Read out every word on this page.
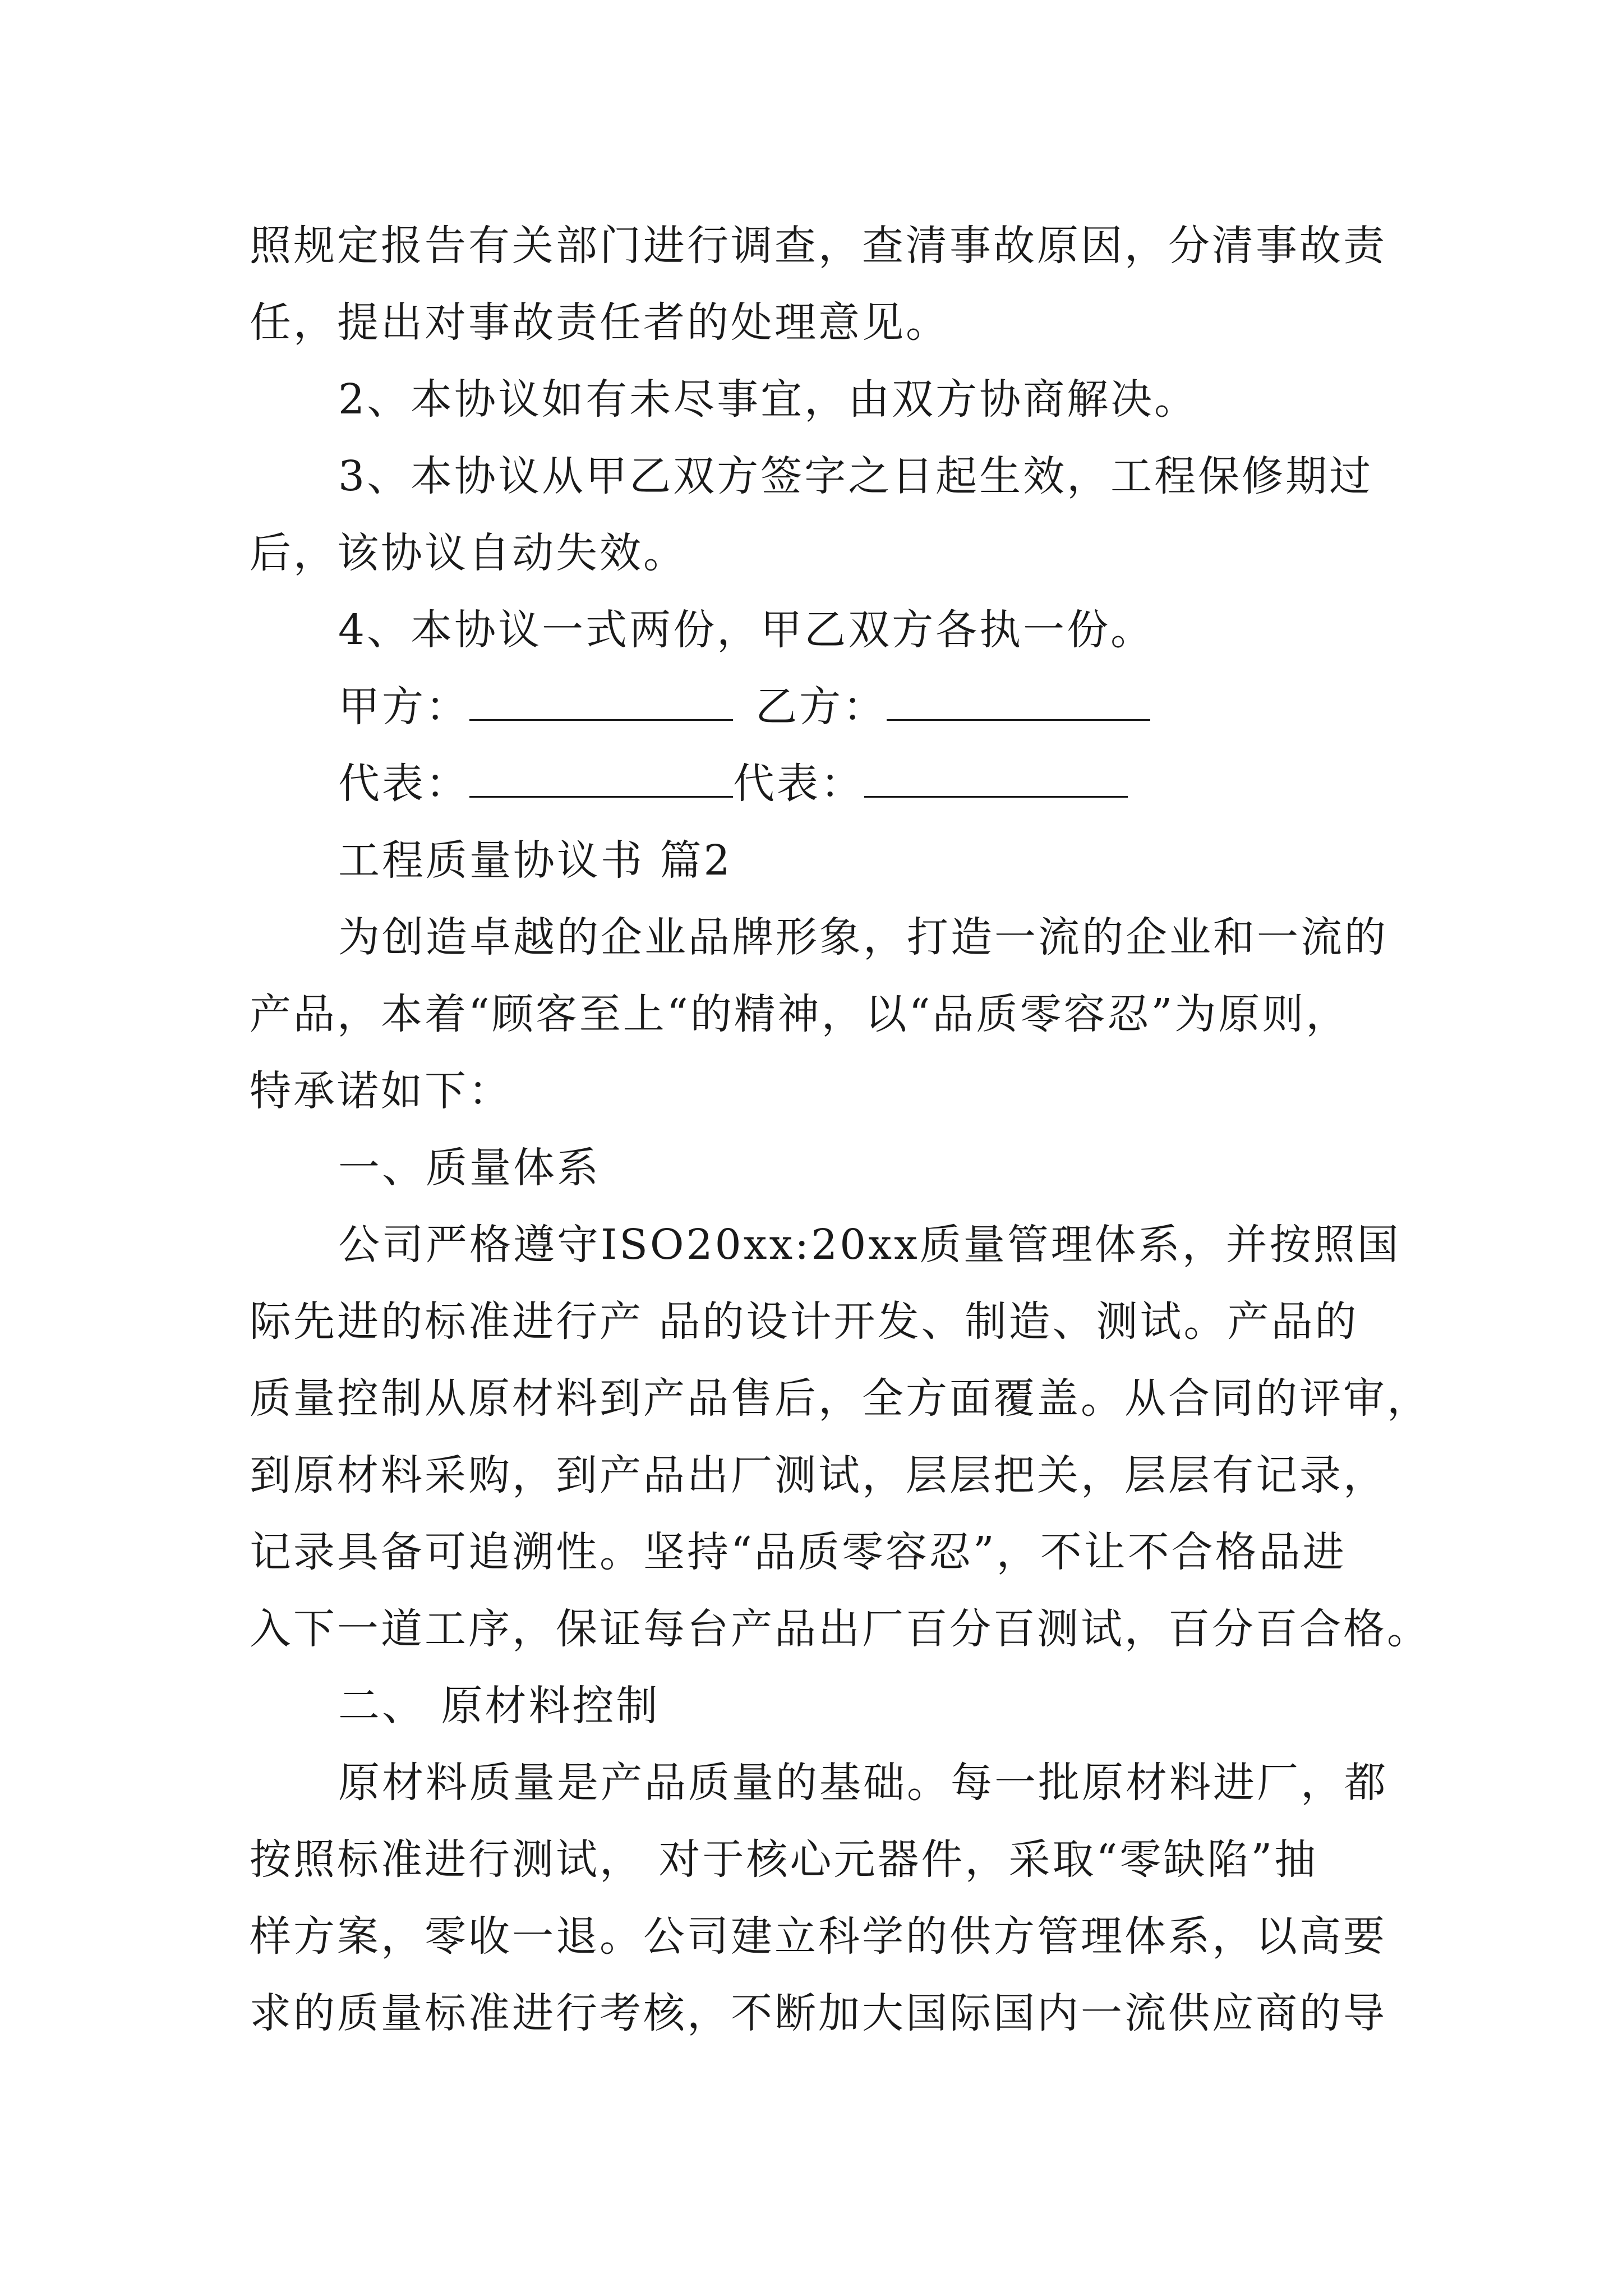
照规定报告有关部门进行调查，查清事故原因，分清事故责
任，提出对事故责任者的处理意见。
2、本协议如有未尽事宜，由双方协商解决。
3、本协议从甲乙双方签字之日起生效，工程保修期过
后，该协议自动失效。
4、本协议一式两份，甲乙双方各执一份。
甲方：	乙方：
代表：	代表：
工程质量协议书 篇2
为创造卓越的企业品牌形象，打造一流的企业和一流的
产品，本着“顾客至上“的精神，以“品质零容忍”为原则，
特承诺如下：
一、质量体系
公司严格遵守ISO20xx:20xx质量管理体系，并按照国
际先进的标准进行产 品的设计开发、制造、测试。产品的
质量控制从原材料到产品售后，全方面覆盖。从合同的评审，
到原材料采购，到产品出厂测试，层层把关，层层有记录，
记录具备可追溯性。坚持“品质零容忍”，不让不合格品进
入下一道工序，保证每台产品出厂百分百测试，百分百合格。
二、 原材料控制
原材料质量是产品质量的基础。每一批原材料进厂，都
按照标准进行测试， 对于核心元器件，采取“零缺陷”抽
样方案，零收一退。公司建立科学的供方管理体系，以高要
求的质量标准进行考核，不断加大国际国内一流供应商的导
